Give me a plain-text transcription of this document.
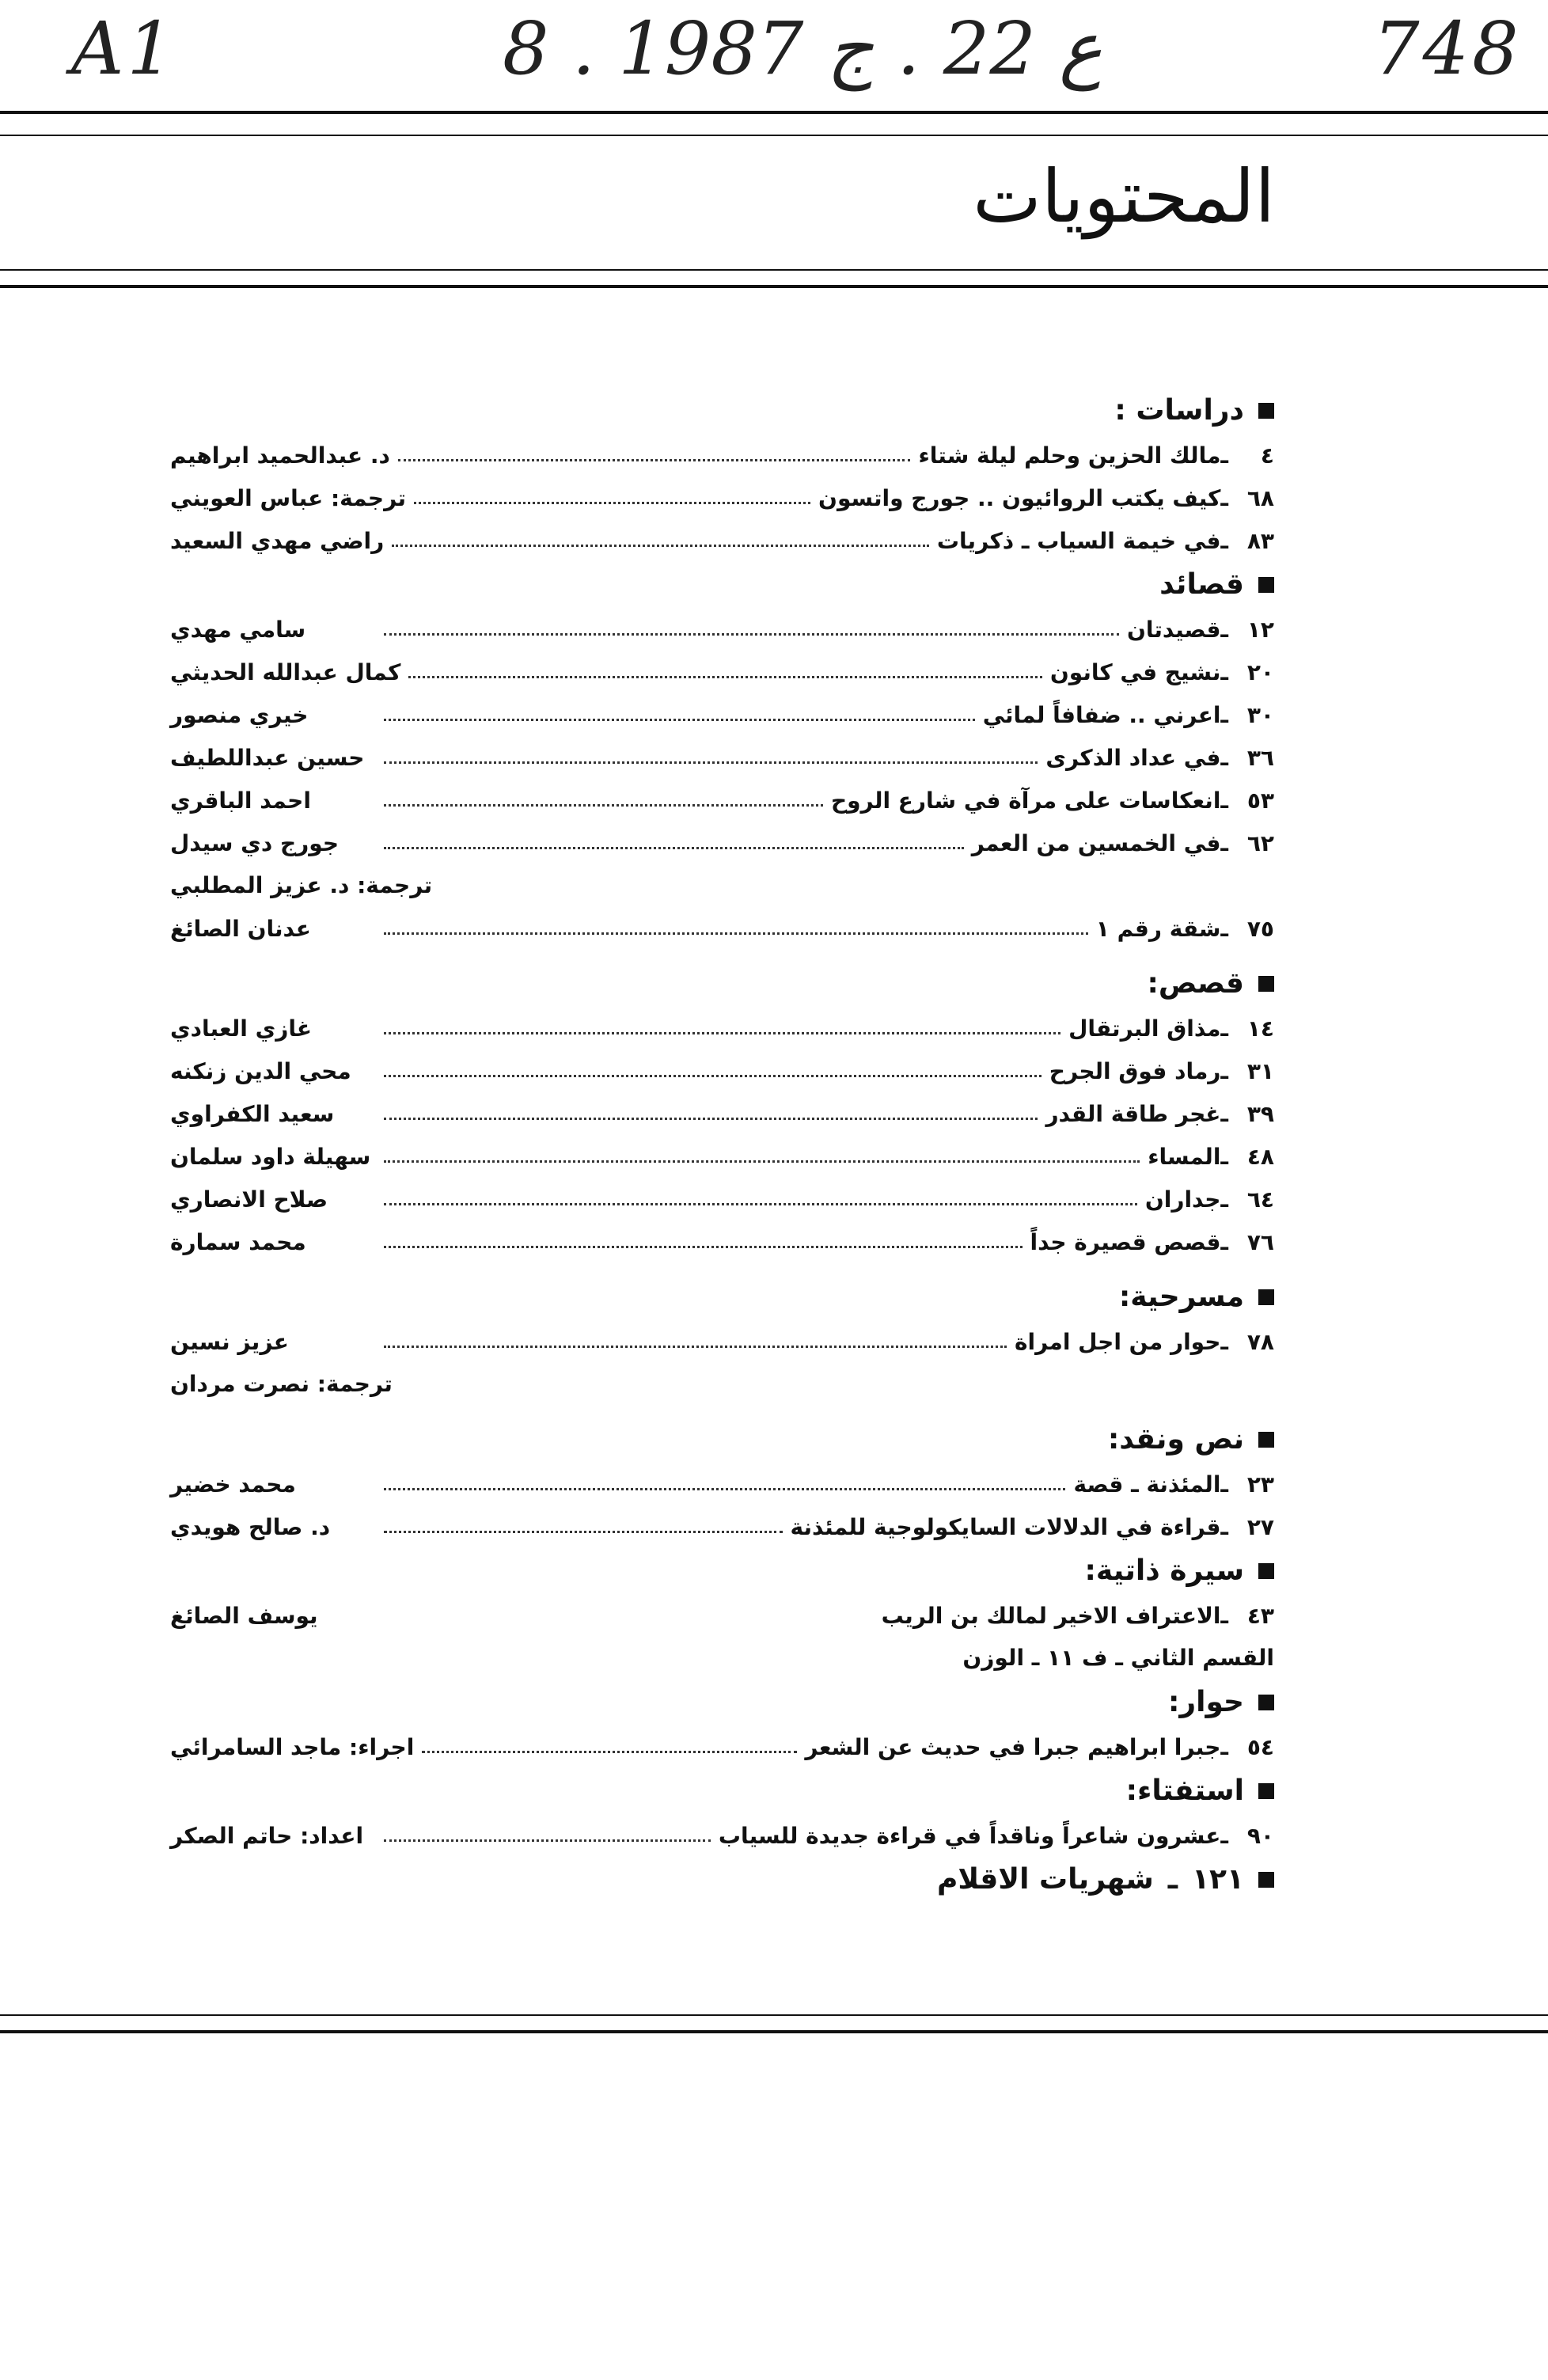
A1	8 . ع 22 . ج 1987	748
المحتويات
دراسات :
٤
ـ
مالك الحزين وحلم ليلة شتاء
د. عبدالحميد ابراهيم
٦٨
ـ
كيف يكتب الروائيون .. جورج واتسون
ترجمة: عباس العويني
٨٣
ـ
في خيمة السياب ـ ذكريات
راضي مهدي السعيد
قصائد
١٢
ـ
قصيدتان
سامي مهدي
٢٠
ـ
نشيج في كانون
كمال عبدالله الحديثي
٣٠
ـ
اعرني .. ضفافاً لمائي
خيري منصور
٣٦
ـ
في عداد الذكرى
حسين عبداللطيف
٥٣
ـ
انعكاسات على مرآة في شارع الروح
احمد الباقري
٦٢
ـ
في الخمسين من العمر
جورج دي سيدل
ترجمة: د. عزيز المطلبي
٧٥
ـ
شقة رقم ١
عدنان الصائغ
قصص:
١٤
ـ
مذاق البرتقال
غازي العبادي
٣١
ـ
رماد فوق الجرح
محي الدين زنكنه
٣٩
ـ
غجر طاقة القدر
سعيد الكفراوي
٤٨
ـ
المساء
سهيلة داود سلمان
٦٤
ـ
جداران
صلاح الانصاري
٧٦
ـ
قصص قصيرة جداً
محمد سمارة
مسرحية:
٧٨
ـ
حوار من اجل امراة
عزيز نسين
ترجمة: نصرت مردان
نص ونقد:
٢٣
ـ
المئذنة ـ قصة
محمد خضير
٢٧
ـ
قراءة في الدلالات السايكولوجية للمئذنة
د. صالح هويدي
سيرة ذاتية:
٤٣
ـ
الاعتراف الاخير لمالك بن الريب
يوسف الصائغ
القسم الثاني ـ ف ١١ ـ الوزن
حوار:
٥٤
ـ
جبرا ابراهيم جبرا في حديث عن الشعر
اجراء: ماجد السامرائي
استفتاء:
٩٠
ـ
عشرون شاعراً وناقداً في قراءة جديدة للسياب
اعداد: حاتم الصكر
١٢١
ـ
شهريات الاقلام
